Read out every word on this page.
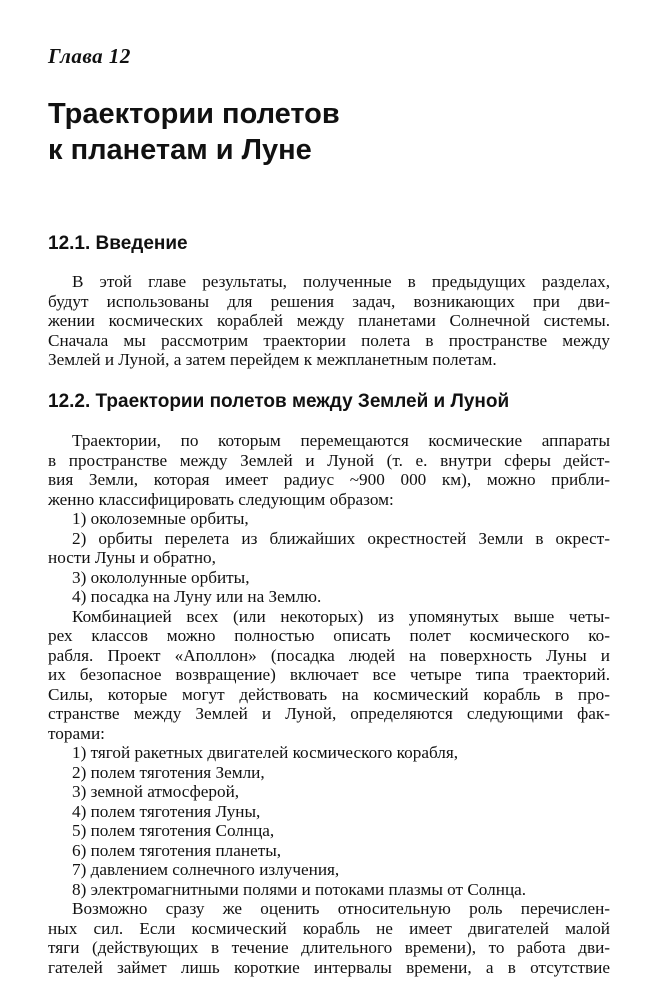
Глава 12
Траектории полетов
к планетам и Луне
12.1. Введение
В этой главе результаты, полученные в предыдущих разделах,
будут использованы для решения задач, возникающих при дви-
жении космических кораблей между планетами Солнечной системы.
Сначала мы рассмотрим траектории полета в пространстве между
Землей и Луной, а затем перейдем к межпланетным полетам.
12.2. Траектории полетов между Землей и Луной
Траектории, по которым перемещаются космические аппараты
в пространстве между Землей и Луной (т. е. внутри сферы дейст-
вия Земли, которая имеет радиус ~900 000 км), можно прибли-
женно классифицировать следующим образом:
1) околоземные орбиты,
2) орбиты перелета из ближайших окрестностей Земли в окрест-
ности Луны и обратно,
3) окололунные орбиты,
4) посадка на Луну или на Землю.
Комбинацией всех (или некоторых) из упомянутых выше четы-
рех классов можно полностью описать полет космического ко-
рабля. Проект «Аполлон» (посадка людей на поверхность Луны и
их безопасное возвращение) включает все четыре типа траекторий.
Силы, которые могут действовать на космический корабль в про-
странстве между Землей и Луной, определяются следующими фак-
торами:
1) тягой ракетных двигателей космического корабля,
2) полем тяготения Земли,
3) земной атмосферой,
4) полем тяготения Луны,
5) полем тяготения Солнца,
6) полем тяготения планеты,
7) давлением солнечного излучения,
8) электромагнитными полями и потоками плазмы от Солнца.
Возможно сразу же оценить относительную роль перечислен-
ных сил. Если космический корабль не имеет двигателей малой
тяги (действующих в течение длительного времени), то работа дви-
гателей займет лишь короткие интервалы времени, а в отсутствие
